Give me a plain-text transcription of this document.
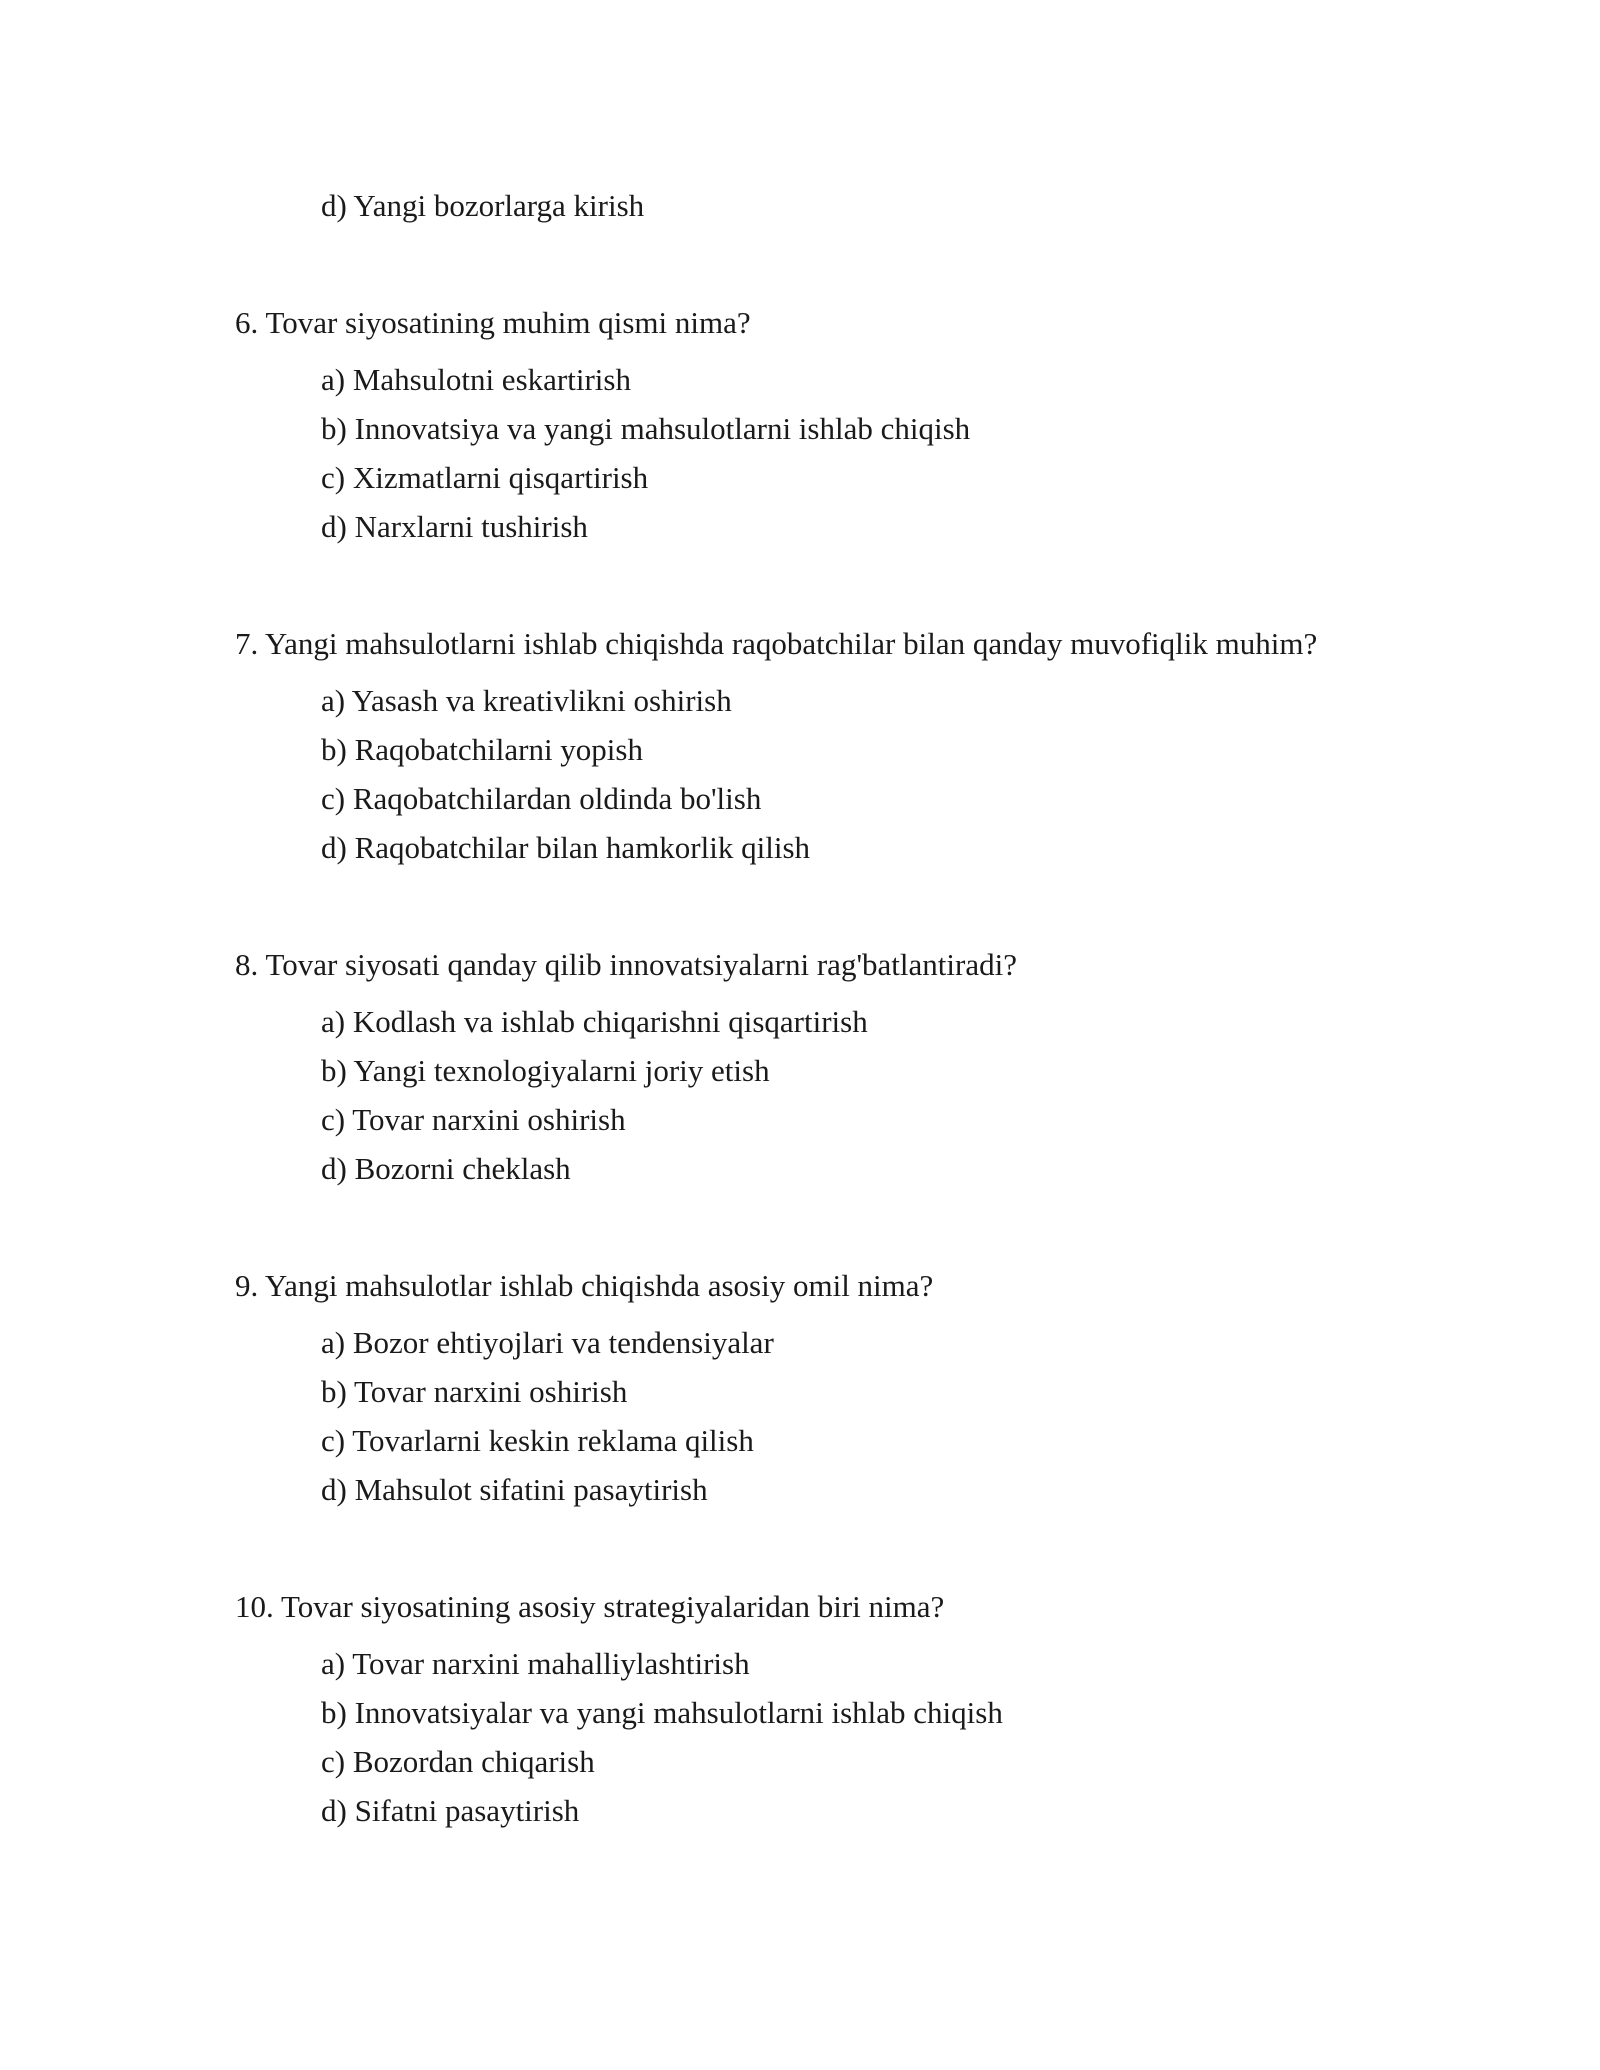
d) Yangi bozorlarga kirish
6. Tovar siyosatining muhim qismi nima?
a) Mahsulotni eskartirish
b) Innovatsiya va yangi mahsulotlarni ishlab chiqish
c) Xizmatlarni qisqartirish
d) Narxlarni tushirish
7. Yangi mahsulotlarni ishlab chiqishda raqobatchilar bilan qanday muvofiqlik muhim?
a) Yasash va kreativlikni oshirish
b) Raqobatchilarni yopish
c) Raqobatchilardan oldinda bo'lish
d) Raqobatchilar bilan hamkorlik qilish
8. Tovar siyosati qanday qilib innovatsiyalarni rag'batlantiradi?
a) Kodlash va ishlab chiqarishni qisqartirish
b) Yangi texnologiyalarni joriy etish
c) Tovar narxini oshirish
d) Bozorni cheklash
9. Yangi mahsulotlar ishlab chiqishda asosiy omil nima?
a) Bozor ehtiyojlari va tendensiyalar
b) Tovar narxini oshirish
c) Tovarlarni keskin reklama qilish
d) Mahsulot sifatini pasaytirish
10. Tovar siyosatining asosiy strategiyalaridan biri nima?
a) Tovar narxini mahalliylashtirish
b) Innovatsiyalar va yangi mahsulotlarni ishlab chiqish
c) Bozordan chiqarish
d) Sifatni pasaytirish
